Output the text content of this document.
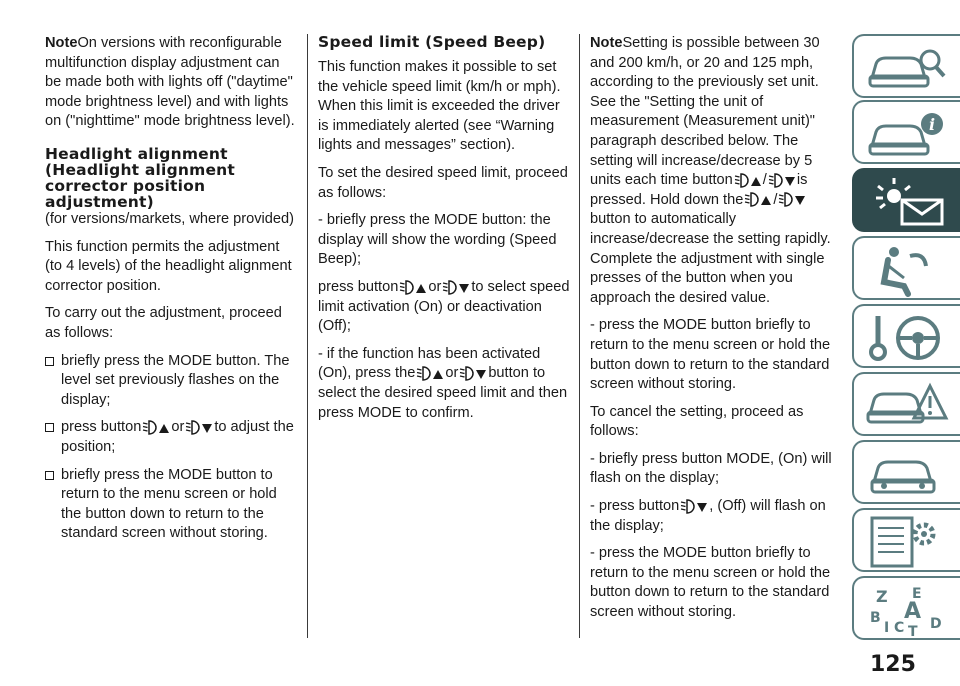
NoteOn versions with reconfigurable multifunction display adjustment can be made both with lights off ("daytime" mode brightness level) and with lights on ("nighttime" mode brightness level).

Headlight alignment (Headlight alignment corrector position adjustment)

(for versions/markets, where provided)

This function permits the adjustment (to 4 levels) of the headlight alignment corrector position.

To carry out the adjustment, proceed as follows:

briefly press the MODE button. The level set previously flashes on the display;
press button or to adjust the position;
briefly press the MODE button to return to the menu screen or hold the button down to return to the standard screen without storing.
Speed limit (Speed Beep)

This function makes it possible to set the vehicle speed limit (km/h or mph). When this limit is exceeded the driver is immediately alerted (see “Warning lights and messages” section).

To set the desired speed limit, proceed as follows:

- briefly press the MODE button: the display will show the wording (Speed Beep);

press button or to select speed limit activation (On) or deactivation (Off);

- if the function has been activated (On), press the or button to select the desired speed limit and then press MODE to confirm.

NoteSetting is possible between 30 and 200 km/h, or 20 and 125 mph, according to the previously set unit. See the "Setting the unit of measurement (Measurement unit)" paragraph described below. The setting will increase/decrease by 5 units each time button / is pressed. Hold down the /
button to automatically increase/decrease the setting rapidly. Complete the adjustment with single presses of the button when you approach the desired value.

- press the MODE button briefly to return to the menu screen or hold the button down to return to the standard screen without storing.

To cancel the setting, proceed as follows:

- briefly press button MODE, (On) will flash on the display;

- press button , (Off) will flash on the display;

- press the MODE button briefly to return to the menu screen or hold the button down to return to the standard screen without storing.

i
Z E
A
B
I C T D
125
